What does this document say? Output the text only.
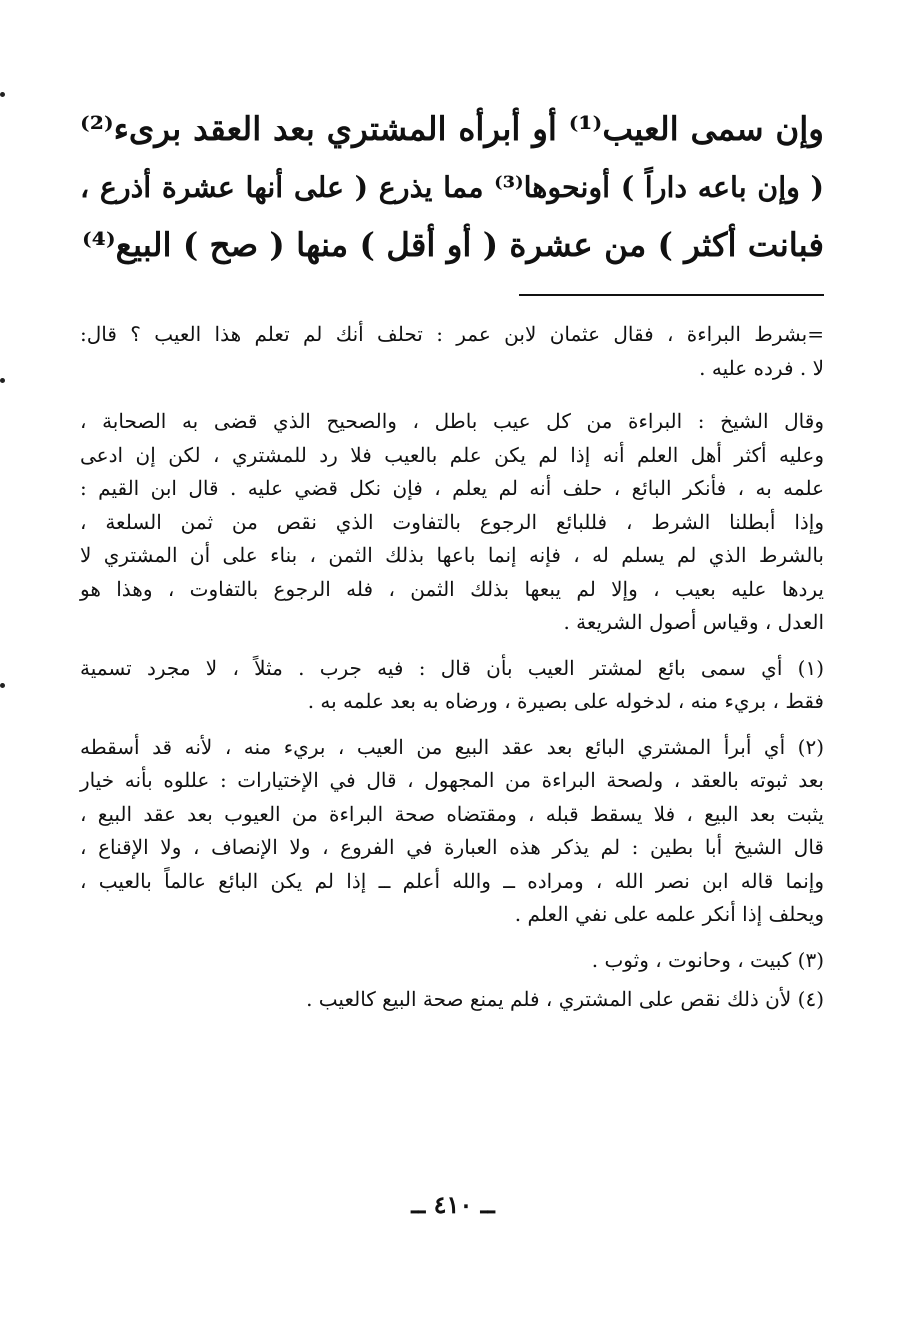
وإن سمى العيب⁽¹⁾ أو أبرأه المشتري بعد العقد برىء⁽²⁾
( وإن باعه داراً ) أونحوها⁽³⁾ مما يذرع ( على أنها عشرة أذرع ،
فبانت أكثر ) من عشرة ( أو أقل ) منها ( صح ) البيع⁽⁴⁾
=بشرط البراءة ، فقال عثمان لابن عمر : تحلف أنك لم تعلم هذا العيب ؟ قال:
لا . فرده عليه .
وقال الشيخ : البراءة من كل عيب باطل ، والصحيح الذي قضى به الصحابة ،
وعليه أكثر أهل العلم أنه إذا لم يكن علم بالعيب فلا رد للمشتري ، لكن إن ادعى
علمه به ، فأنكر البائع ، حلف أنه لم يعلم ، فإن نكل قضي عليه . قال ابن القيم :
وإذا أبطلنا الشرط ، فللبائع الرجوع بالتفاوت الذي نقص من ثمن السلعة ،
بالشرط الذي لم يسلم له ، فإنه إنما باعها بذلك الثمن ، بناء على أن المشتري لا
يردها عليه بعيب ، وإلا لم يبعها بذلك الثمن ، فله الرجوع بالتفاوت ، وهذا هو
العدل ، وقياس أصول الشريعة .
(١) أي سمى بائع لمشتر العيب بأن قال : فيه جرب . مثلاً ، لا مجرد تسمية
فقط ، بريء منه ، لدخوله على بصيرة ، ورضاه به بعد علمه به .
(٢) أي أبرأ المشتري البائع بعد عقد البيع من العيب ، بريء منه ، لأنه قد أسقطه
بعد ثبوته بالعقد ، ولصحة البراءة من المجهول ، قال في الإختيارات : عللوه بأنه خيار
يثبت بعد البيع ، فلا يسقط قبله ، ومقتضاه صحة البراءة من العيوب بعد عقد البيع ،
قال الشيخ أبا بطين : لم يذكر هذه العبارة في الفروع ، ولا الإنصاف ، ولا الإقناع ،
وإنما قاله ابن نصر الله ، ومراده ــ والله أعلم ــ إذا لم يكن البائع عالماً بالعيب ،
ويحلف إذا أنكر علمه على نفي العلم .
(٣) كبيت ، وحانوت ، وثوب .
(٤) لأن ذلك نقص على المشتري ، فلم يمنع صحة البيع كالعيب .
ــ ٤١٠ ــ
